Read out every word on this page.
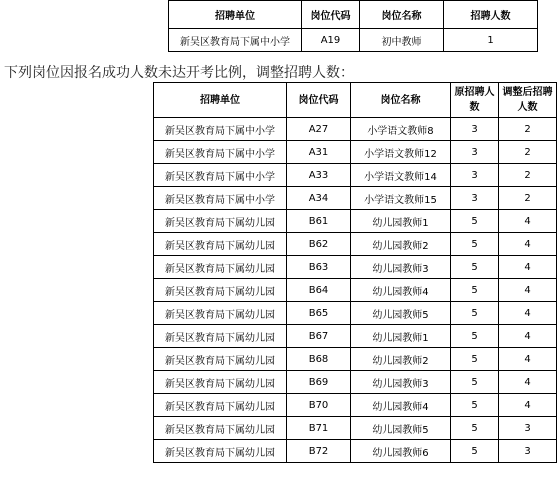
招聘单位	岗位代码	岗位名称	招聘人数
新吴区教育局下属中小学	A19	初中教师	1
下列岗位因报名成功人数未达开考比例，调整招聘人数：
招聘单位	岗位代码	岗位名称	原招聘人数	调整后招聘人数
新吴区教育局下属中小学	A27	小学语文教师8	3	2
新吴区教育局下属中小学	A31	小学语文教师12	3	2
新吴区教育局下属中小学	A33	小学语文教师14	3	2
新吴区教育局下属中小学	A34	小学语文教师15	3	2
新吴区教育局下属幼儿园	B61	幼儿园教师1	5	4
新吴区教育局下属幼儿园	B62	幼儿园教师2	5	4
新吴区教育局下属幼儿园	B63	幼儿园教师3	5	4
新吴区教育局下属幼儿园	B64	幼儿园教师4	5	4
新吴区教育局下属幼儿园	B65	幼儿园教师5	5	4
新吴区教育局下属幼儿园	B67	幼儿园教师1	5	4
新吴区教育局下属幼儿园	B68	幼儿园教师2	5	4
新吴区教育局下属幼儿园	B69	幼儿园教师3	5	4
新吴区教育局下属幼儿园	B70	幼儿园教师4	5	4
新吴区教育局下属幼儿园	B71	幼儿园教师5	5	3
新吴区教育局下属幼儿园	B72	幼儿园教师6	5	3
